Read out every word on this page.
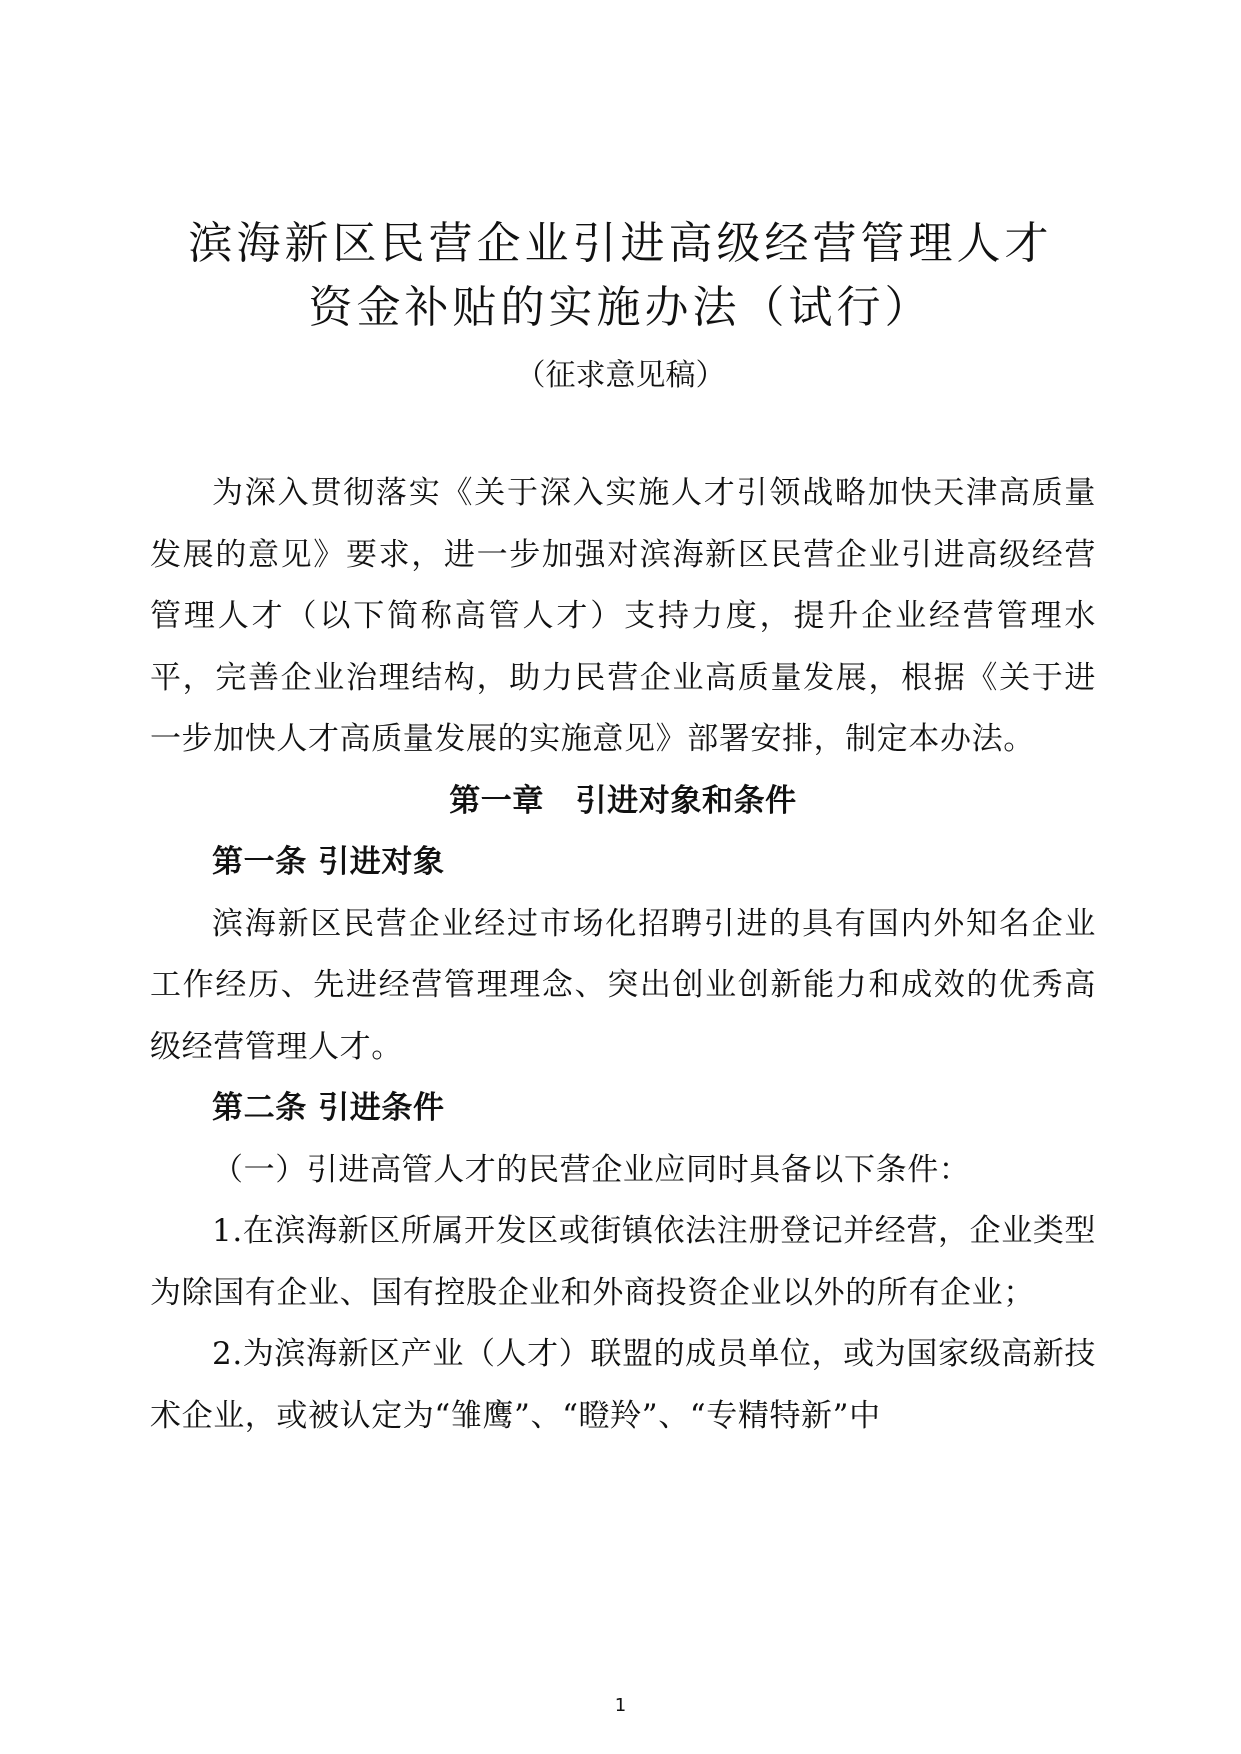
滨海新区民营企业引进高级经营管理人才
资金补贴的实施办法（试行）
（征求意见稿）

为深入贯彻落实《关于深入实施人才引领战略加快天津高质量发展的意见》要求，进一步加强对滨海新区民营企业引进高级经营管理人才（以下简称高管人才）支持力度，提升企业经营管理水平，完善企业治理结构，助力民营企业高质量发展，根据《关于进一步加快人才高质量发展的实施意见》部署安排，制定本办法。

第一章　引进对象和条件

第一条 引进对象

滨海新区民营企业经过市场化招聘引进的具有国内外知名企业工作经历、先进经营管理理念、突出创业创新能力和成效的优秀高级经营管理人才。

第二条 引进条件

（一）引进高管人才的民营企业应同时具备以下条件：

1.在滨海新区所属开发区或街镇依法注册登记并经营，企业类型为除国有企业、国有控股企业和外商投资企业以外的所有企业；

2.为滨海新区产业（人才）联盟的成员单位，或为国家级高新技术企业，或被认定为“雏鹰”、“瞪羚”、“专精特新”中

1
